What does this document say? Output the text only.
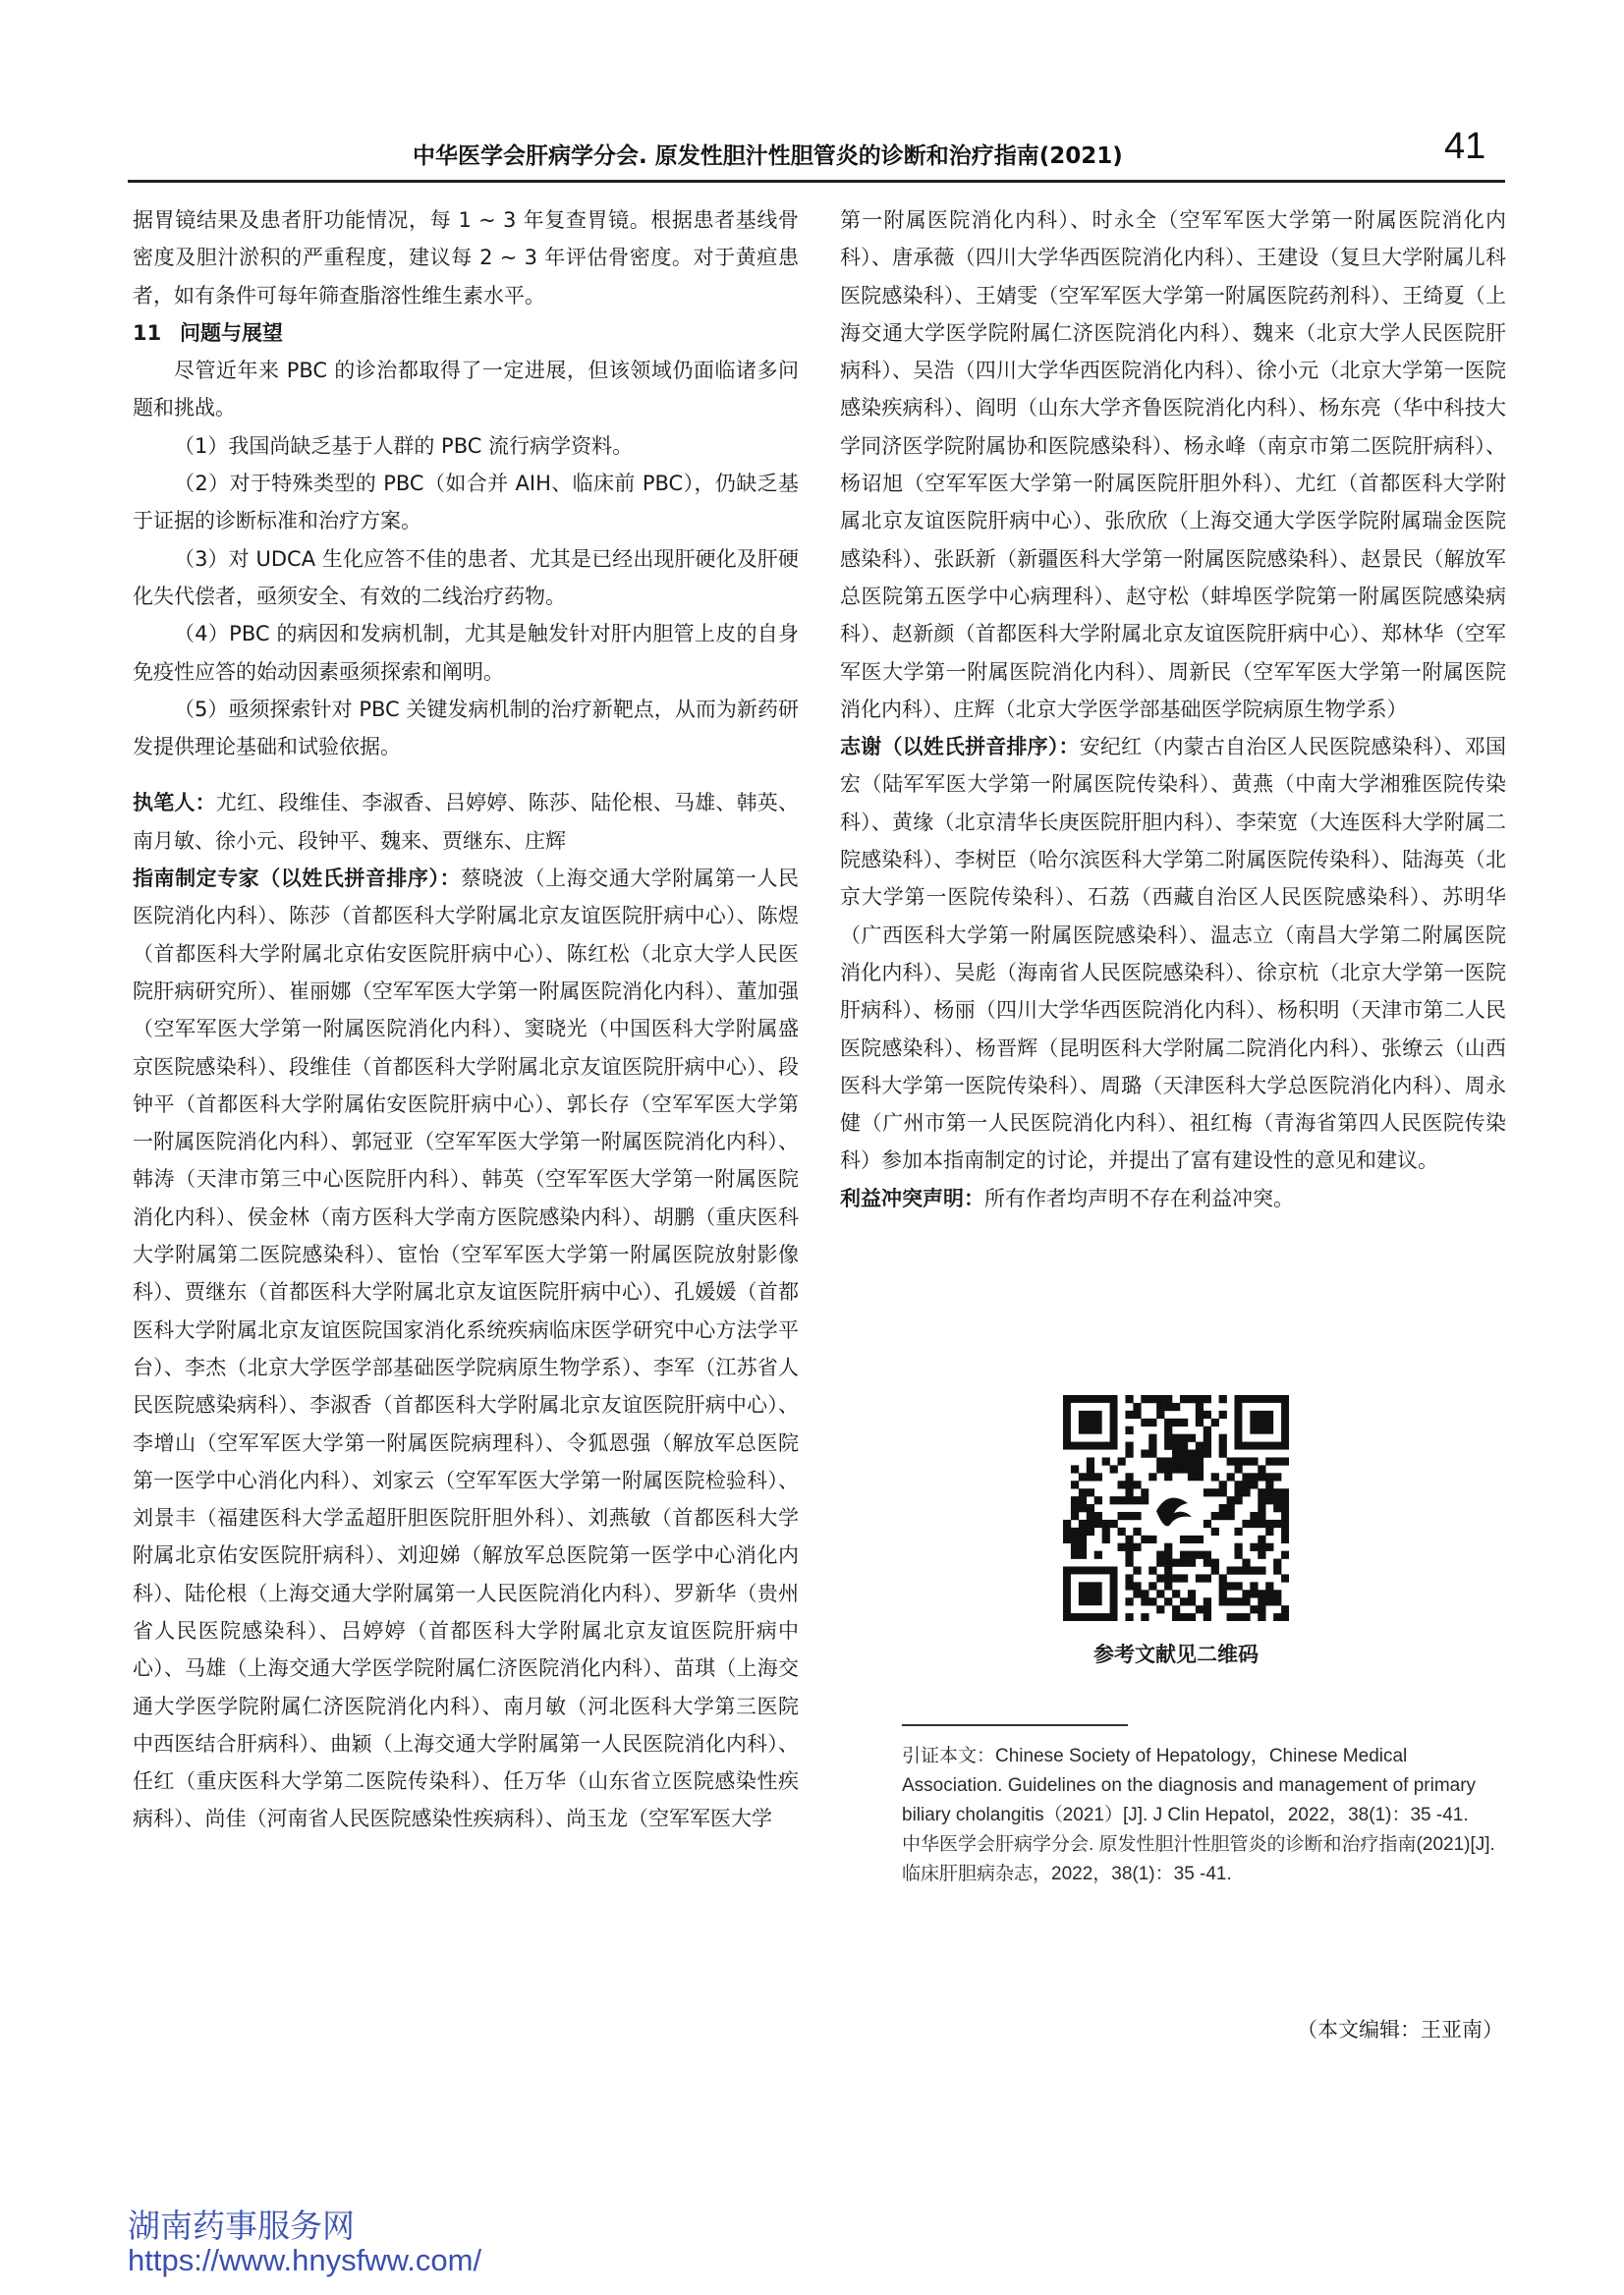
中华医学会肝病学分会. 原发性胆汁性胆管炎的诊断和治疗指南(2021)	41

据胃镜结果及患者肝功能情况，每 1 ~ 3 年复查胃镜。根据患者基线骨密度及胆汁淤积的严重程度，建议每 2 ~ 3 年评估骨密度。对于黄疸患者，如有条件可每年筛查脂溶性维生素水平。

11 问题与展望

尽管近年来 PBC 的诊治都取得了一定进展，但该领域仍面临诸多问题和挑战。

（1）我国尚缺乏基于人群的 PBC 流行病学资料。

（2）对于特殊类型的 PBC（如合并 AIH、临床前 PBC），仍缺乏基于证据的诊断标准和治疗方案。

（3）对 UDCA 生化应答不佳的患者、尤其是已经出现肝硬化及肝硬化失代偿者，亟须安全、有效的二线治疗药物。

（4）PBC 的病因和发病机制，尤其是触发针对肝内胆管上皮的自身免疫性应答的始动因素亟须探索和阐明。

（5）亟须探索针对 PBC 关键发病机制的治疗新靶点，从而为新药研发提供理论基础和试验依据。

执笔人：尤红、段维佳、李淑香、吕婷婷、陈莎、陆伦根、马雄、韩英、南月敏、徐小元、段钟平、魏来、贾继东、庄辉

指南制定专家（以姓氏拼音排序）：蔡晓波（上海交通大学附属第一人民医院消化内科）、陈莎（首都医科大学附属北京友谊医院肝病中心）、陈煜（首都医科大学附属北京佑安医院肝病中心）、陈红松（北京大学人民医院肝病研究所）、崔丽娜（空军军医大学第一附属医院消化内科）、董加强（空军军医大学第一附属医院消化内科）、窦晓光（中国医科大学附属盛京医院感染科）、段维佳（首都医科大学附属北京友谊医院肝病中心）、段钟平（首都医科大学附属佑安医院肝病中心）、郭长存（空军军医大学第一附属医院消化内科）、郭冠亚（空军军医大学第一附属医院消化内科）、韩涛（天津市第三中心医院肝内科）、韩英（空军军医大学第一附属医院消化内科）、侯金林（南方医科大学南方医院感染内科）、胡鹏（重庆医科大学附属第二医院感染科）、宦怡（空军军医大学第一附属医院放射影像科）、贾继东（首都医科大学附属北京友谊医院肝病中心）、孔媛媛（首都医科大学附属北京友谊医院国家消化系统疾病临床医学研究中心方法学平台）、李杰（北京大学医学部基础医学院病原生物学系）、李军（江苏省人民医院感染病科）、李淑香（首都医科大学附属北京友谊医院肝病中心）、李增山（空军军医大学第一附属医院病理科）、令狐恩强（解放军总医院第一医学中心消化内科）、刘家云（空军军医大学第一附属医院检验科）、刘景丰（福建医科大学孟超肝胆医院肝胆外科）、刘燕敏（首都医科大学附属北京佑安医院肝病科）、刘迎娣（解放军总医院第一医学中心消化内科）、陆伦根（上海交通大学附属第一人民医院消化内科）、罗新华（贵州省人民医院感染科）、吕婷婷（首都医科大学附属北京友谊医院肝病中心）、马雄（上海交通大学医学院附属仁济医院消化内科）、苗琪（上海交通大学医学院附属仁济医院消化内科）、南月敏（河北医科大学第三医院中西医结合肝病科）、曲颖（上海交通大学附属第一人民医院消化内科）、任红（重庆医科大学第二医院传染科）、任万华（山东省立医院感染性疾病科）、尚佳（河南省人民医院感染性疾病科）、尚玉龙（空军军医大学

第一附属医院消化内科）、时永全（空军军医大学第一附属医院消化内科）、唐承薇（四川大学华西医院消化内科）、王建设（复旦大学附属儿科医院感染科）、王婧雯（空军军医大学第一附属医院药剂科）、王绮夏（上海交通大学医学院附属仁济医院消化内科）、魏来（北京大学人民医院肝病科）、吴浩（四川大学华西医院消化内科）、徐小元（北京大学第一医院感染疾病科）、阎明（山东大学齐鲁医院消化内科）、杨东亮（华中科技大学同济医学院附属协和医院感染科）、杨永峰（南京市第二医院肝病科）、杨诏旭（空军军医大学第一附属医院肝胆外科）、尤红（首都医科大学附属北京友谊医院肝病中心）、张欣欣（上海交通大学医学院附属瑞金医院感染科）、张跃新（新疆医科大学第一附属医院感染科）、赵景民（解放军总医院第五医学中心病理科）、赵守松（蚌埠医学院第一附属医院感染病科）、赵新颜（首都医科大学附属北京友谊医院肝病中心）、郑林华（空军军医大学第一附属医院消化内科）、周新民（空军军医大学第一附属医院消化内科）、庄辉（北京大学医学部基础医学院病原生物学系）

志谢（以姓氏拼音排序）：安纪红（内蒙古自治区人民医院感染科）、邓国宏（陆军军医大学第一附属医院传染科）、黄燕（中南大学湘雅医院传染科）、黄缘（北京清华长庚医院肝胆内科）、李荣宽（大连医科大学附属二院感染科）、李树臣（哈尔滨医科大学第二附属医院传染科）、陆海英（北京大学第一医院传染科）、石荔（西藏自治区人民医院感染科）、苏明华（广西医科大学第一附属医院感染科）、温志立（南昌大学第二附属医院消化内科）、吴彪（海南省人民医院感染科）、徐京杭（北京大学第一医院肝病科）、杨丽（四川大学华西医院消化内科）、杨积明（天津市第二人民医院感染科）、杨晋辉（昆明医科大学附属二院消化内科）、张缭云（山西医科大学第一医院传染科）、周璐（天津医科大学总医院消化内科）、周永健（广州市第一人民医院消化内科）、祖红梅（青海省第四人民医院传染科）参加本指南制定的讨论，并提出了富有建设性的意见和建议。

利益冲突声明：所有作者均声明不存在利益冲突。

参考文献见二维码

引证本文：Chinese Society of Hepatology，Chinese Medical Association. Guidelines on the diagnosis and management of primary biliary cholangitis（2021）[J]. J Clin Hepatol，2022，38(1)：35 -41.

中华医学会肝病学分会. 原发性胆汁性胆管炎的诊断和治疗指南(2021)[J]. 临床肝胆病杂志，2022，38(1)：35 -41.

（本文编辑：王亚南）
湖南药事服务网
https://www.hnysfww.com/
